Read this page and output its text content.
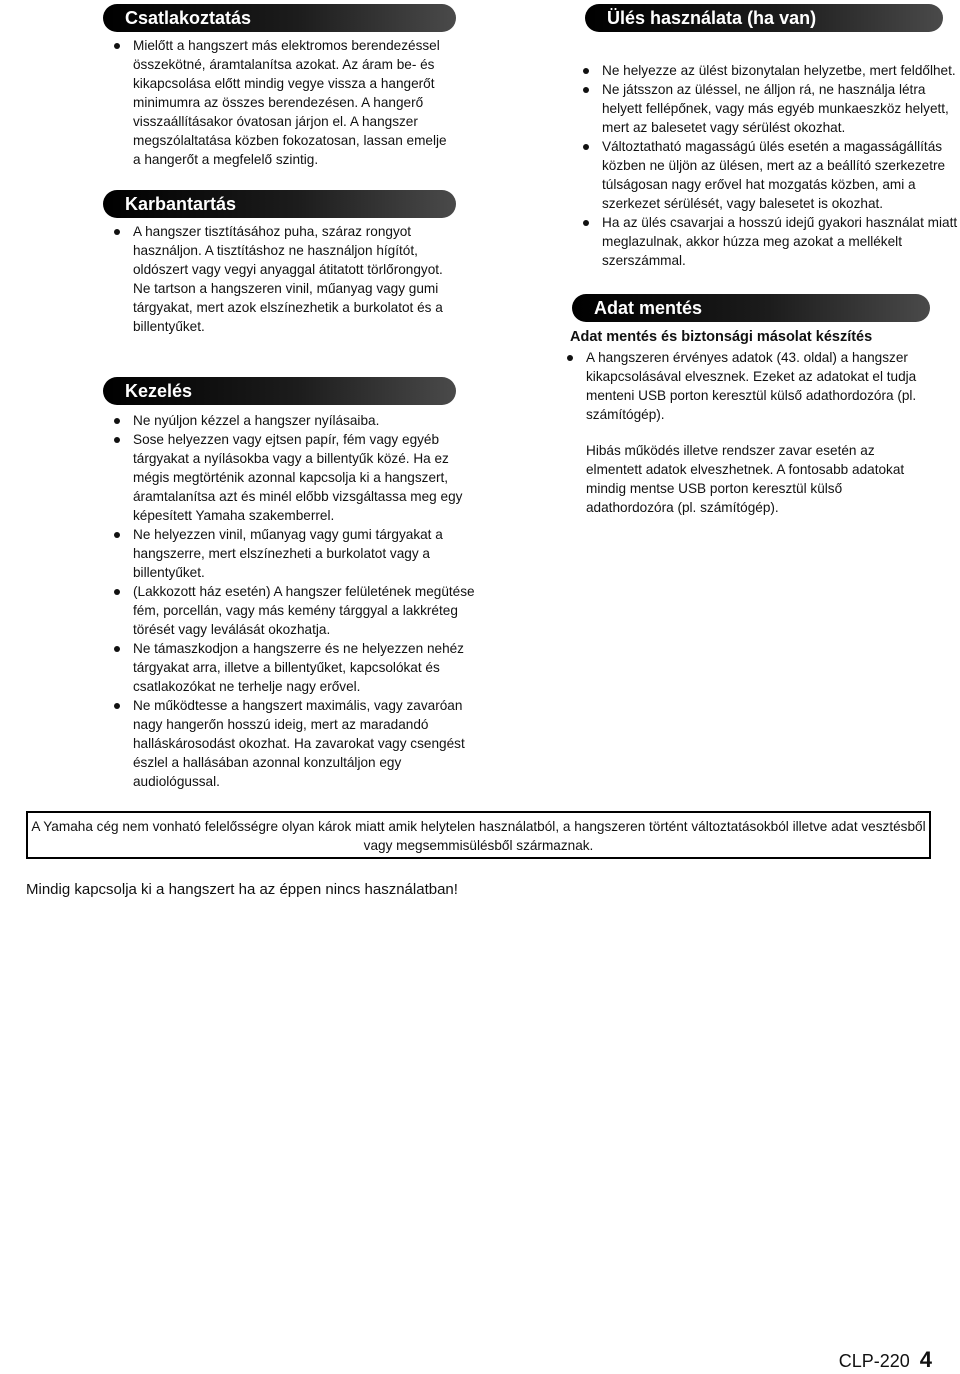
Csatlakoztatás
Mielőtt a hangszert más elektromos berendezéssel összekötné, áramtalanítsa azokat. Az áram be- és kikapcsolása előtt mindig vegye vissza a hangerőt minimumra az összes berendezésen. A hangerő visszaállításakor óvatosan járjon el. A hangszer megszólaltatása közben fokozatosan, lassan emelje a hangerőt a megfelelő szintig.
Karbantartás
A hangszer tisztításához puha, száraz rongyot használjon. A tisztításhoz ne használjon hígítót, oldószert vagy vegyi anyaggal átitatott törlőrongyot. Ne tartson a hangszeren vinil, műanyag vagy gumi tárgyakat, mert azok elszínezhetik a burkolatot és a billentyűket.
Kezelés
Ne nyúljon kézzel a hangszer nyílásaiba.
Sose helyezzen vagy ejtsen papír, fém vagy egyéb tárgyakat a nyílásokba vagy a billentyűk közé. Ha ez mégis megtörténik azonnal kapcsolja ki a hangszert, áramtalanítsa azt és minél előbb vizsgáltassa meg egy képesített Yamaha szakemberrel.
Ne helyezzen vinil, műanyag vagy gumi tárgyakat a hangszerre, mert elszínezheti a burkolatot vagy a billentyűket.
(Lakkozott ház esetén) A hangszer felületének megütése fém, porcellán, vagy más kemény tárggyal a lakkréteg törését vagy leválását okozhatja.
Ne támaszkodjon a hangszerre és ne helyezzen nehéz tárgyakat arra, illetve a billentyűket, kapcsolókat és csatlakozókat ne terhelje nagy erővel.
Ne működtesse a hangszert maximális, vagy zavaróan nagy hangerőn hosszú ideig, mert az maradandó halláskárosodást okozhat. Ha zavarokat vagy csengést észlel a hallásában azonnal konzultáljon egy audiológussal.
Ülés használata (ha van)
Ne helyezze az ülést bizonytalan helyzetbe, mert feldőlhet.
Ne játsszon az üléssel, ne álljon rá, ne használja létra helyett fellépőnek, vagy más egyéb munkaeszköz helyett, mert az balesetet vagy sérülést okozhat.
Változtatható magasságú ülés esetén a magasságállítás közben ne üljön az ülésen, mert az a beállító szerkezetre túlságosan nagy erővel hat mozgatás közben, ami a szerkezet sérülését, vagy balesetet is okozhat.
Ha az ülés csavarjai a hosszú idejű gyakori használat miatt meglazulnak, akkor húzza meg azokat a mellékelt szerszámmal.
Adat mentés
Adat mentés és biztonsági másolat készítés
A hangszeren érvényes adatok (43. oldal) a hangszer kikapcsolásával elvesznek. Ezeket az adatokat el tudja menteni USB porton keresztül külső adathordozóra (pl. számítógép).
Hibás működés illetve rendszer zavar esetén az elmentett adatok elveszhetnek. A fontosabb adatokat mindig mentse USB porton keresztül külső adathordozóra (pl. számítógép).
A Yamaha cég nem vonható felelősségre olyan károk miatt amik helytelen használatból, a hangszeren történt változtatásokból illetve adat vesztésből vagy megsemmisülésből származnak.
Mindig kapcsolja ki a hangszert ha az éppen nincs használatban!
CLP-220 4
